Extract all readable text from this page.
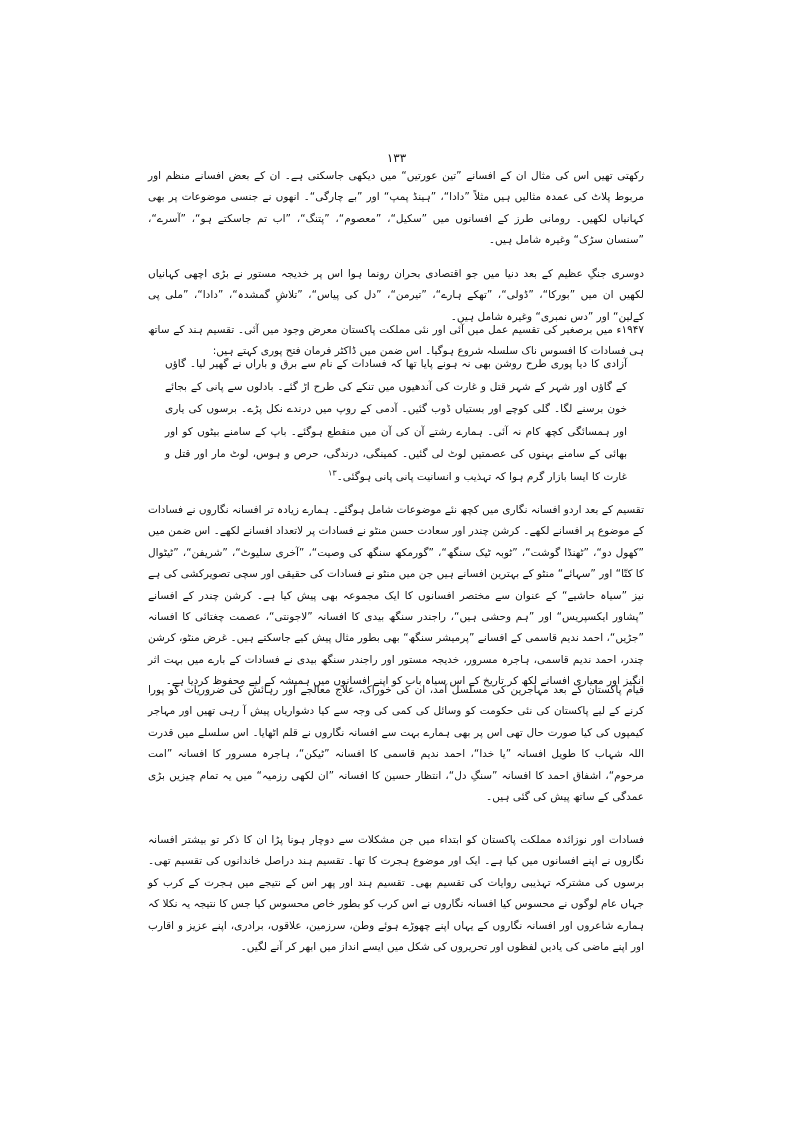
۱۳۳

رکھتی تھیں اس کی مثال ان کے افسانے ”تین عورتیں“ میں دیکھی جاسکتی ہے۔ ان کے بعض افسانے منظم اور مربوط پلاٹ کی عمدہ مثالیں ہیں مثلاً ”دادا“، ”ہینڈ پمپ“ اور ”بے چارگی“۔ انھوں نے جنسی موضوعات پر بھی کہانیاں لکھیں۔ رومانی طرز کے افسانوں میں ”سکیل“، ”معصوم“، ”پتنگ“، ”اب تم جاسکتے ہو“، ”آسرے“، ”سنسان سڑک“ وغیرہ شامل ہیں۔

دوسری جنگِ عظیم کے بعد دنیا میں جو اقتصادی بحران رونما ہوا اس پر خدیجہ مستور نے بڑی اچھی کہانیاں لکھیں ان میں ”بورکا“، ”ڈولی“، ”تھکے ہارے“، ”تیرمن“، ”دل کی پیاس“، ”تلاشِ گمشدہ“، ”دادا“، ”ملی پی کےلین“ اور ”دس نمبری“ وغیرہ شامل ہیں۔

۱۹۴۷ء میں برصغیر کی تقسیم عمل میں آئی اور نئی مملکت پاکستان معرض وجود میں آئی۔ تقسیم ہند کے ساتھ ہی فسادات کا افسوس ناک سلسلہ شروع ہوگیا۔ اس ضمن میں ڈاکٹر فرمان فتح پوری کہتے ہیں:

آزادی کا دیا پوری طرح روشن بھی نہ ہونے پایا تھا کہ فسادات کے نام سے برق و باراں نے گھیر لیا۔ گاؤں کے گاؤں اور شہر کے شہر قتل و غارت کی آندھیوں میں تنکے کی طرح اڑ گئے۔ بادلوں سے پانی کے بجائے خون برسنے لگا۔ گلی کوچے اور بستیاں ڈوب گئیں۔ آدمی کے روپ میں درندے نکل پڑے۔ برسوں کی یاری اور ہمسائگی کچھ کام نہ آئی۔ ہمارے رشتے آن کی آن میں منقطع ہوگئے۔ باپ کے سامنے بیٹوں کو اور بھائی کے سامنے بہنوں کی عصمتیں لوٹ لی گئیں۔ کمینگی، درندگی، حرص و ہوس، لوٹ مار اور قتل و غارت کا ایسا بازار گرم ہوا کہ تہذیب و انسانیت پانی پانی ہوگئی۔$^{۱۳}$

تقسیم کے بعد اردو افسانہ نگاری میں کچھ نئے موضوعات شامل ہوگئے۔ ہمارے زیادہ تر افسانہ نگاروں نے فسادات کے موضوع پر افسانے لکھے۔ کرشن چندر اور سعادت حسن منٹو نے فسادات پر لاتعداد افسانے لکھے۔ اس ضمن میں ”کھول دو“، ”ٹھنڈا گوشت“، ”ٹوبہ ٹیک سنگھ“، ”گورمکھ سنگھ کی وصیت“، ”آخری سلیوٹ“، ”شریفن“، ”ٹیٹوال کا کتّا“ اور ”سہائے“ منٹو کے بہترین افسانے ہیں جن میں منٹو نے فسادات کی حقیقی اور سچی تصویرکشی کی ہے نیز ”سیاہ حاشیے“ کے عنوان سے مختصر افسانوں کا ایک مجموعہ بھی پیش کیا ہے۔ کرشن چندر کے افسانے ”پشاور ایکسپریس“ اور ”ہم وحشی ہیں“، راجندر سنگھ بیدی کا افسانہ ”لاجونتی“، عصمت چغتائی کا افسانہ ”جڑیں“، احمد ندیم قاسمی کے افسانے ”پرمیشر سنگھ“ بھی بطور مثال پیش کیے جاسکتے ہیں۔ غرض منٹو، کرشن چندر، احمد ندیم قاسمی، ہاجرہ مسرور، خدیجہ مستور اور راجندر سنگھ بیدی نے فسادات کے بارے میں بہت اثر انگیز اور معیاری افسانے لکھ کر تاریخ کے اس سیاہ باب کو اپنے افسانوں میں ہمیشہ کے لیے محفوظ کردیا ہے۔

قیام پاکستان کے بعد مہاجرین کی مسلسل آمد، ان کی خوراک، علاج معالجے اور رہائش کی ضروریات کو پورا کرنے کے لیے پاکستان کی نئی حکومت کو وسائل کی کمی کی وجہ سے کیا دشواریاں پیش آ رہی تھیں اور مہاجر کیمپوں کی کیا صورت حال تھی اس پر بھی ہمارے بہت سے افسانہ نگاروں نے قلم اٹھایا۔ اس سلسلے میں قدرت اللہ شہاب کا طویل افسانہ ”یا خدا“، احمد ندیم قاسمی کا افسانہ ”ٹیکن“، ہاجرہ مسرور کا افسانہ ”امت مرحوم“، اشفاق احمد کا افسانہ ”سنگِ دل“، انتظار حسین کا افسانہ ”ان لکھی رزمیہ“ میں یہ تمام چیزیں بڑی عمدگی کے ساتھ پیش کی گئی ہیں۔

فسادات اور نوزائدہ مملکت پاکستان کو ابتداء میں جن مشکلات سے دوچار ہونا پڑا ان کا ذکر تو بیشتر افسانہ نگاروں نے اپنے افسانوں میں کیا ہے۔ ایک اور موضوع ہجرت کا تھا۔ تقسیم ہند دراصل خاندانوں کی تقسیم تھی۔ برسوں کی مشترکہ تہذیبی روایات کی تقسیم بھی۔ تقسیم ہند اور پھر اس کے نتیجے میں ہجرت کے کرب کو جہاں عام لوگوں نے محسوس کیا افسانہ نگاروں نے اس کرب کو بطور خاص محسوس کیا جس کا نتیجہ یہ نکلا کہ ہمارے شاعروں اور افسانہ نگاروں کے یہاں اپنے چھوڑے ہوئے وطن، سرزمین، علاقوں، برادری، اپنے عزیز و اقارب اور اپنے ماضی کی یادیں لفظوں اور تحریروں کی شکل میں ایسے انداز میں ابھر کر آنے لگیں۔
